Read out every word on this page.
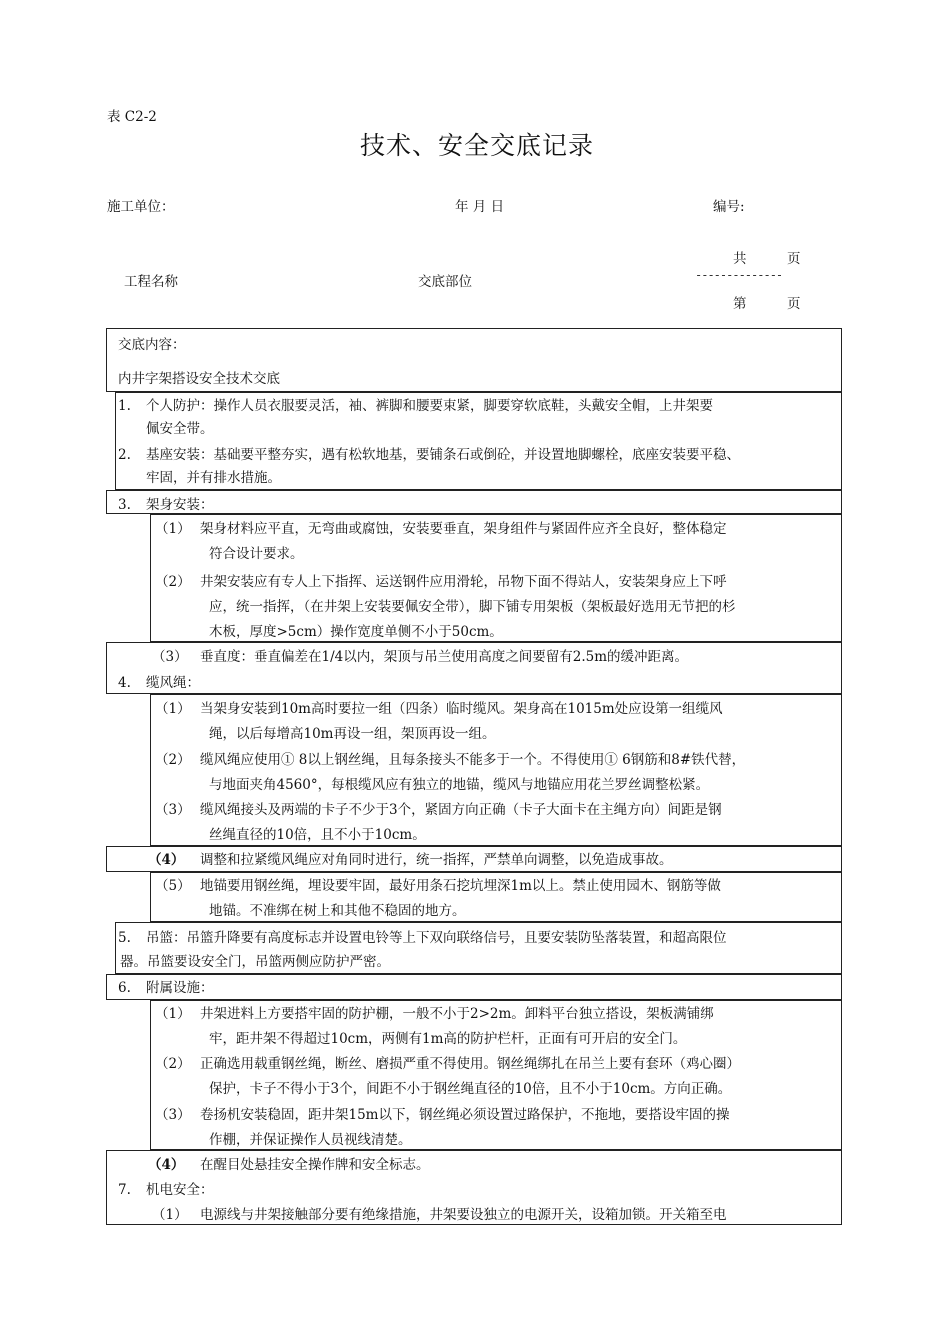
表 C2-2
技术、安全交底记录
施工单位：	年 月 日	编号:
共　　　页
--------------
第　　　页
工程名称	交底部位
交底内容：
内井字架搭设安全技术交底
1. 个人防护：操作人员衣服要灵活，袖、裤脚和腰要束紧，脚要穿软底鞋，头戴安全帽，上井架要
佩安全带。
2. 基座安装：基础要平整夯实，遇有松软地基，要铺条石或倒砼，并设置地脚螺栓，底座安装要平稳、
牢固，并有排水措施。
3. 架身安装：
（1） 架身材料应平直，无弯曲或腐蚀，安装要垂直，架身组件与紧固件应齐全良好，整体稳定
符合设计要求。
（2） 井架安装应有专人上下指挥、运送钢件应用滑轮，吊物下面不得站人，安装架身应上下呼
应，统一指挥，（在井架上安装要佩安全带），脚下铺专用架板（架板最好选用无节把的杉
木板，厚度>5cm）操作宽度单侧不小于50cm。
（3） 垂直度：垂直偏差在1/4以内，架顶与吊兰使用高度之间要留有2.5m的缓冲距离。
4. 缆风绳：
（1） 当架身安装到10m高时要拉一组（四条）临时缆风。架身高在1015m处应设第一组缆风
绳，以后每增高10m再设一组，架顶再设一组。
（2） 缆风绳应使用① 8以上钢丝绳，且每条接头不能多于一个。不得使用① 6钢筋和8#铁代替，
与地面夹角4560°，每根缆风应有独立的地锚，缆风与地锚应用花兰罗丝调整松紧。
（3） 缆风绳接头及两端的卡子不少于3个，紧固方向正确（卡子大面卡在主绳方向）间距是钢
丝绳直径的10倍，且不小于10cm。
（4） 调整和拉紧缆风绳应对角同时进行，统一指挥，严禁单向调整，以免造成事故。
（5） 地锚要用钢丝绳，埋设要牢固，最好用条石挖坑埋深1m以上。禁止使用园木、钢筋等做
地锚。不准绑在树上和其他不稳固的地方。
5. 吊篮：吊篮升降要有高度标志并设置电铃等上下双向联络信号，且要安装防坠落装置，和超高限位
器。吊篮要设安全门，吊篮两侧应防护严密。
6. 附属设施：
（1） 井架进料上方要搭牢固的防护棚，一般不小于2>2m。卸料平台独立搭设，架板满铺绑
牢，距井架不得超过10cm，两侧有1m高的防护栏杆，正面有可开启的安全门。
（2） 正确选用载重钢丝绳，断丝、磨损严重不得使用。钢丝绳绑扎在吊兰上要有套环（鸡心圈）
保护，卡子不得小于3个，间距不小于钢丝绳直径的10倍，且不小于10cm。方向正确。
（3） 卷扬机安装稳固，距井架15m以下，钢丝绳必须设置过路保护，不拖地，要搭设牢固的操
作棚，并保证操作人员视线清楚。
（4） 在醒目处悬挂安全操作牌和安全标志。
7. 机电安全：
（1） 电源线与井架接触部分要有绝缘措施，井架要设独立的电源开关，设箱加锁。开关箱至电
